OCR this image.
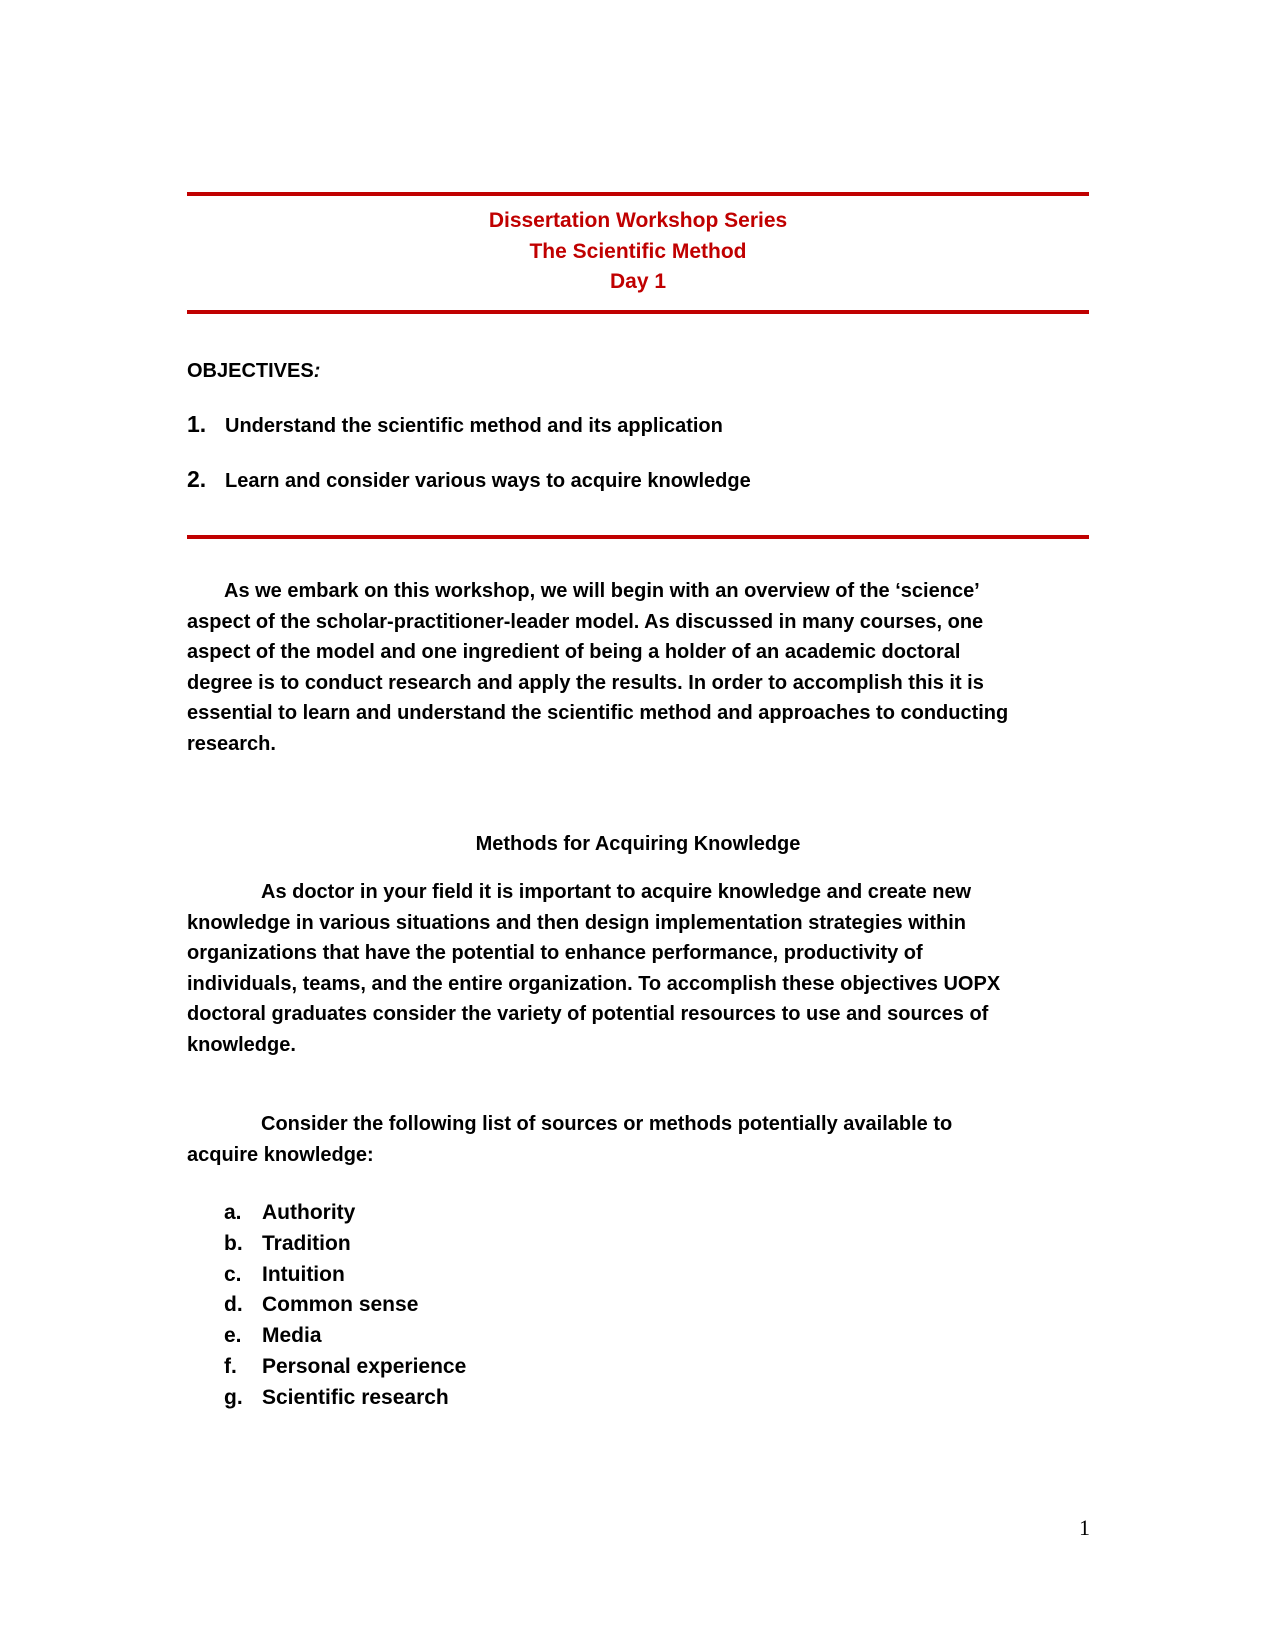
Dissertation Workshop Series
The Scientific Method
Day 1
OBJECTIVES:
1. Understand the scientific method and its application
2. Learn and consider various ways to acquire knowledge
As we embark on this workshop, we will begin with an overview of the ‘science’
aspect of the scholar-practitioner-leader model. As discussed in many courses, one
aspect of the model and one ingredient of being a holder of an academic doctoral
degree is to conduct research and apply the results. In order to accomplish this it is
essential to learn and understand the scientific method and approaches to conducting
research.
Methods for Acquiring Knowledge
As doctor in your field it is important to acquire knowledge and create new
knowledge in various situations and then design implementation strategies within
organizations that have the potential to enhance performance, productivity of
individuals, teams, and the entire organization. To accomplish these objectives UOPX
doctoral graduates consider the variety of potential resources to use and sources of
knowledge.
Consider the following list of sources or methods potentially available to
acquire knowledge:
a. Authority
b. Tradition
c. Intuition
d. Common sense
e. Media
f. Personal experience
g. Scientific research
1
